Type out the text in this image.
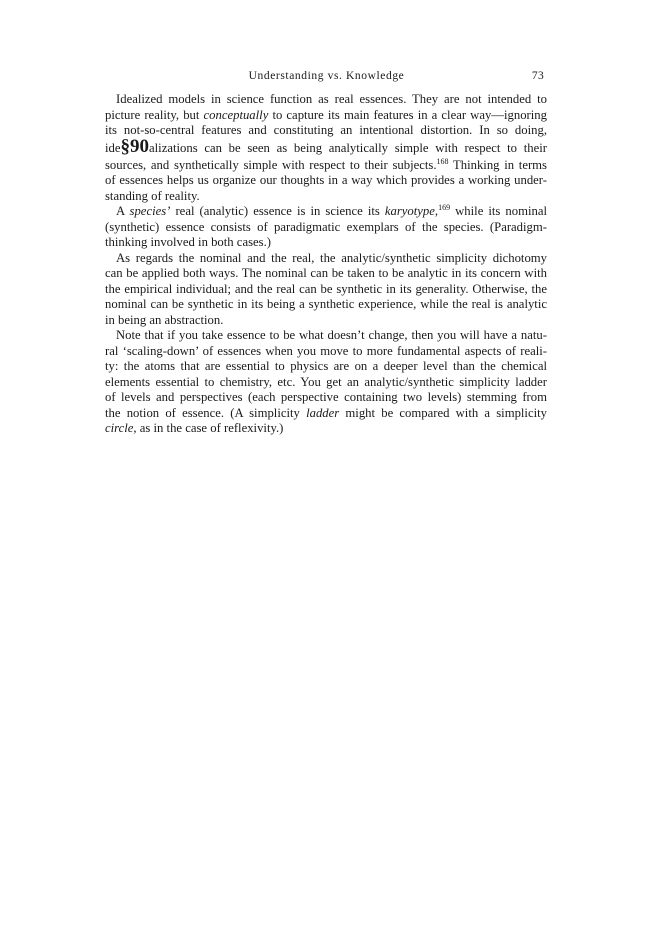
Understanding vs. Knowledge	73
Idealized models in science function as real essences. They are not intended to
picture reality, but conceptually to capture its main features in a clear way—ignoring
its not-so-central features and constituting an intentional distortion. In so doing,
ide§90alizations can be seen as being analytically simple with respect to their
sources, and synthetically simple with respect to their subjects.$^{168}$ Thinking in terms
of essences helps us organize our thoughts in a way which provides a working under-
standing of reality.
A species’ real (analytic) essence is in science its karyotype,$^{169}$ while its nominal
(synthetic) essence consists of paradigmatic exemplars of the species. (Paradigm-
thinking involved in both cases.)
As regards the nominal and the real, the analytic/synthetic simplicity dichotomy
can be applied both ways. The nominal can be taken to be analytic in its concern with
the empirical individual; and the real can be synthetic in its generality. Otherwise, the
nominal can be synthetic in its being a synthetic experience, while the real is analytic
in being an abstraction.
Note that if you take essence to be what doesn’t change, then you will have a natu-
ral ‘scaling-down’ of essences when you move to more fundamental aspects of reali-
ty: the atoms that are essential to physics are on a deeper level than the chemical
elements essential to chemistry, etc. You get an analytic/synthetic simplicity ladder
of levels and perspectives (each perspective containing two levels) stemming from
the notion of essence. (A simplicity ladder might be compared with a simplicity
circle, as in the case of reflexivity.)
